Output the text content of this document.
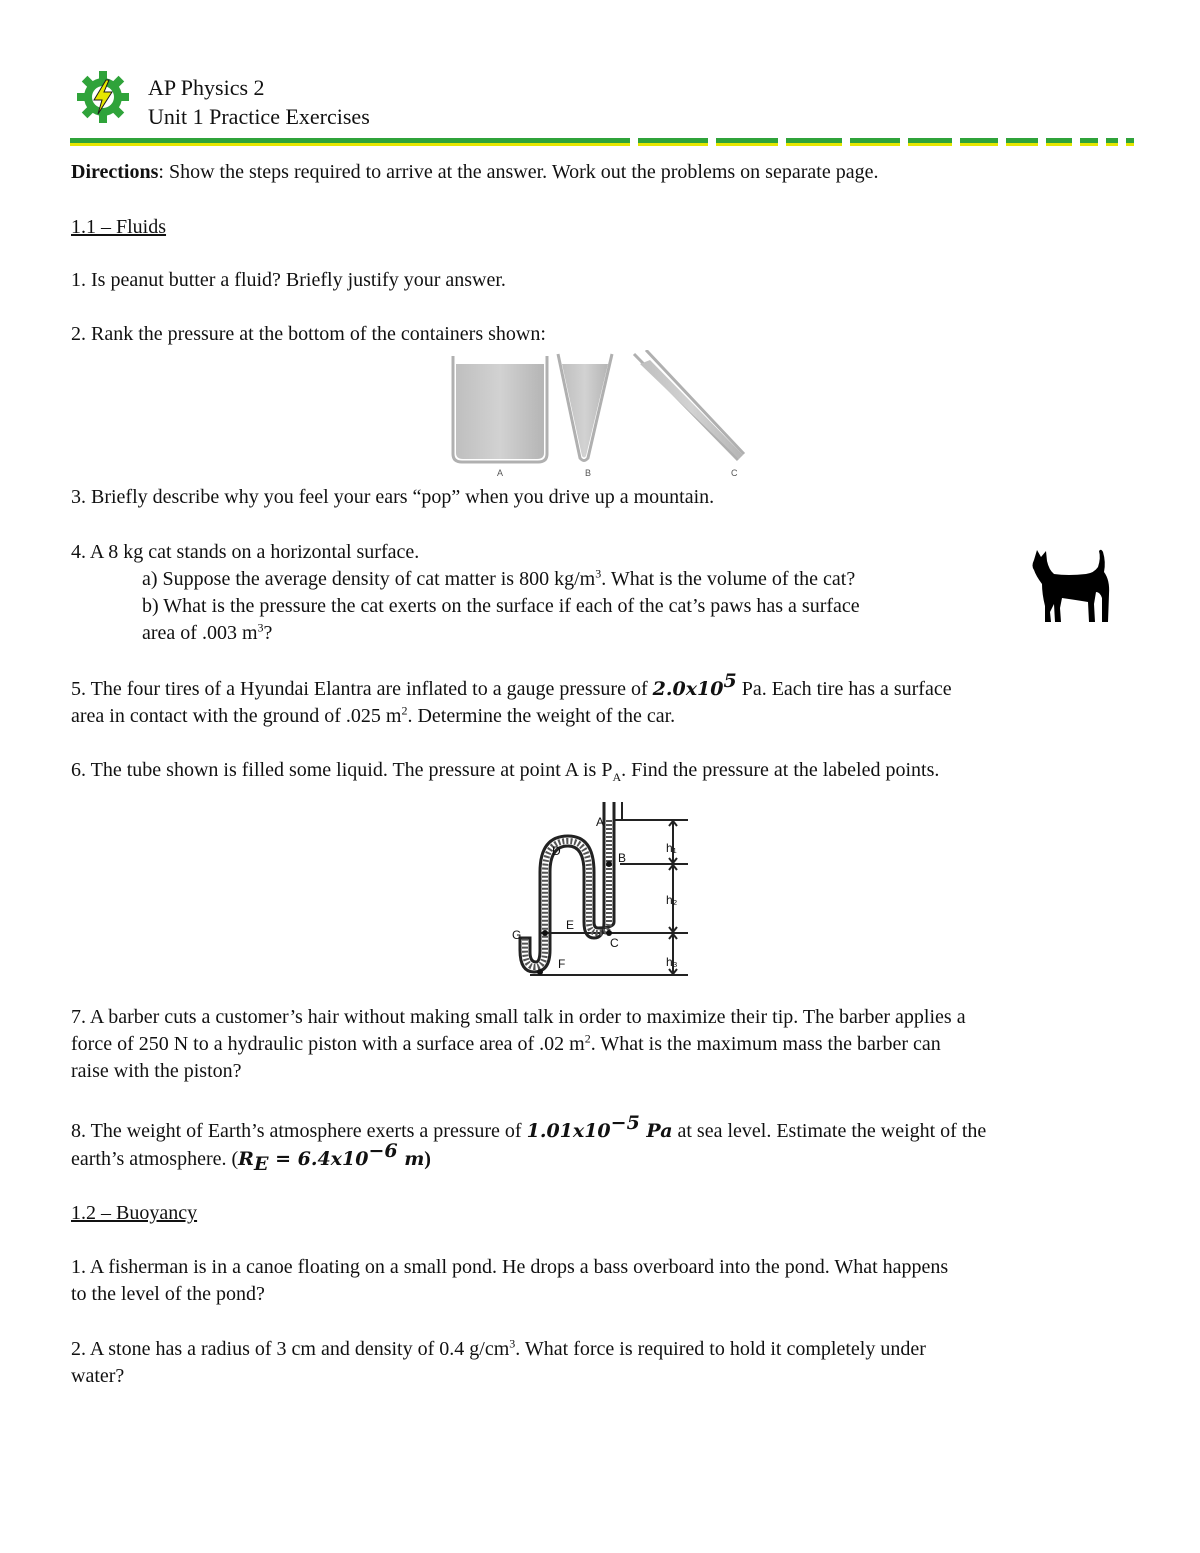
AP Physics 2
Unit 1 Practice Exercises
Directions: Show the steps required to arrive at the answer. Work out the problems on separate page.
1.1 – Fluids
1. Is peanut butter a fluid? Briefly justify your answer.
2. Rank the pressure at the bottom of the containers shown:
A	B	C
3. Briefly describe why you feel your ears “pop” when you drive up a mountain.
4. A 8 kg cat stands on a horizontal surface.
a) Suppose the average density of cat matter is 800 $kg/m^3$. What is the volume of the cat?
b) What is the pressure the cat exerts on the surface if each of the cat’s paws has a surface
area of .003 $m^3$?
5. The four tires of a Hyundai Elantra are inflated to a gauge pressure of $2.0x10^5$ Pa. Each tire has a surface
area in contact with the ground of .025 $m^2$. Determine the weight of the car.
6. The tube shown is filled some liquid. The pressure at point A is $P_A$. Find the pressure at the labeled points.
A
B
C
D
E
F
G
h₁
h₂
h₃
7. A barber cuts a customer’s hair without making small talk in order to maximize their tip. The barber applies a
force of 250 N to a hydraulic piston with a surface area of .02 $m^2$. What is the maximum mass the barber can
raise with the piston?
8. The weight of Earth’s atmosphere exerts a pressure of $1.01x10^{-5}$ Pa at sea level. Estimate the weight of the
earth’s atmosphere. ($R_E = 6.4x10^{-6}$ m)
1.2 – Buoyancy
1. A fisherman is in a canoe floating on a small pond. He drops a bass overboard into the pond. What happens
to the level of the pond?
2. A stone has a radius of 3 cm and density of 0.4 $g/cm^3$. What force is required to hold it completely under
water?
